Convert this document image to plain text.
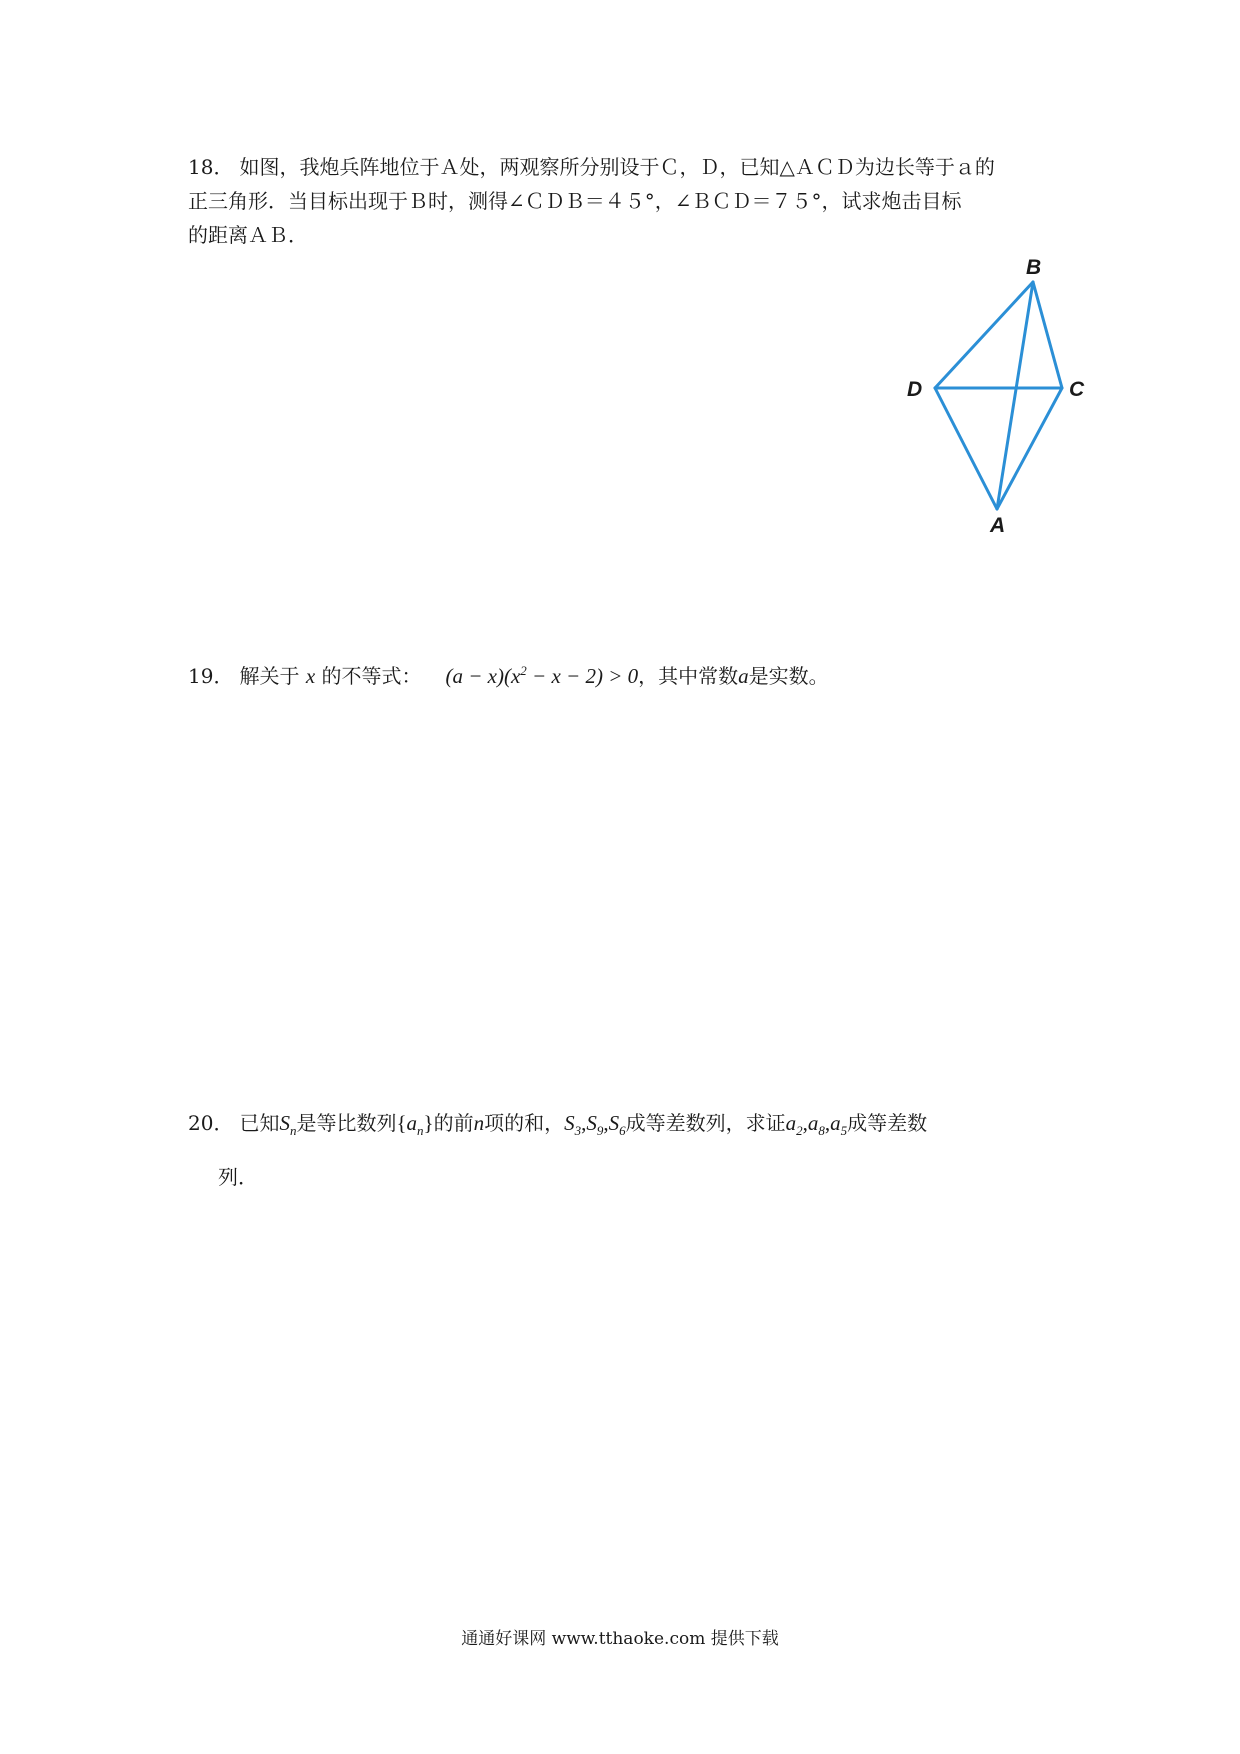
18． 如图，我炮兵阵地位于Ａ处，两观察所分别设于Ｃ，Ｄ，已知△ＡＣＤ为边长等于ａ的
正三角形．当目标出现于Ｂ时，测得∠ＣＤＢ＝４５°，∠ＢＣＤ＝７５°，试求炮击目标
的距离ＡＢ．
B
D	C
A
19． 解关于 x 的不等式： $(a - x)(x^2 - x - 2) > 0$，其中常数a是实数。
20． 已知$S_n$是等比数列$\{a_n\}$的前n项的和，$S_3,S_9,S_6$成等差数列，求证$a_2,a_8,a_5$成等差数
列．
通通好课网 www.tthaoke.com 提供下载
